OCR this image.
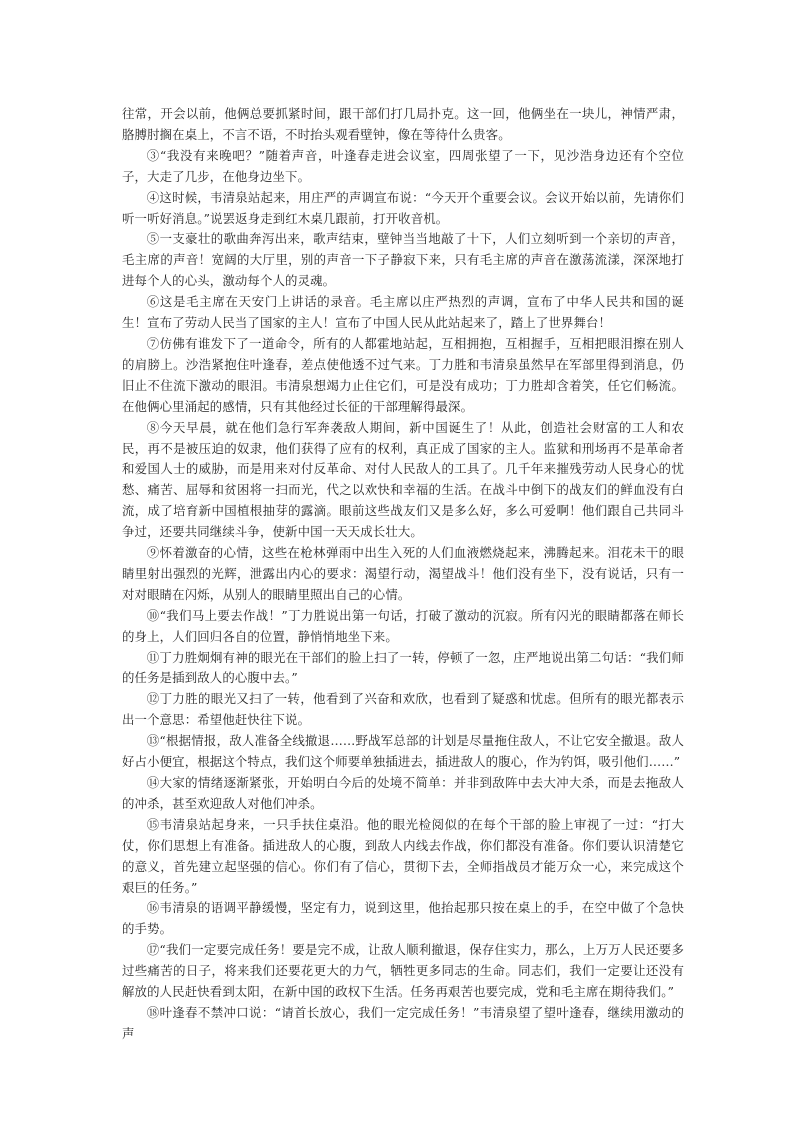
往常，开会以前，他俩总要抓紧时间，跟干部们打几局扑克。这一回，他俩坐在一块儿，神情严肃，胳膊肘搁在桌上，不言不语，不时抬头观看壁钟，像在等待什么贵客。

③“我没有来晚吧？”随着声音，叶逢春走进会议室，四周张望了一下，见沙浩身边还有个空位子，大走了几步，在他身边坐下。

④这时候，韦清泉站起来，用庄严的声调宣布说：“今天开个重要会议。会议开始以前，先请你们听一听好消息。”说罢返身走到红木桌几跟前，打开收音机。

⑤一支豪壮的歌曲奔泻出来，歌声结束，壁钟当当地敲了十下，人们立刻听到一个亲切的声音，毛主席的声音！宽阔的大厅里，别的声音一下子静寂下来，只有毛主席的声音在激荡流漾，深深地打进每个人的心头，激动每个人的灵魂。

⑥这是毛主席在天安门上讲话的录音。毛主席以庄严热烈的声调，宣布了中华人民共和国的诞生！宣布了劳动人民当了国家的主人！宣布了中国人民从此站起来了，踏上了世界舞台！

⑦仿佛有谁发下了一道命令，所有的人都霍地站起，互相拥抱，互相握手，互相把眼泪擦在别人的肩膀上。沙浩紧抱住叶逢春，差点使他透不过气来。丁力胜和韦清泉虽然早在军部里得到消息，仍旧止不住流下激动的眼泪。韦清泉想竭力止住它们，可是没有成功；丁力胜却含着笑，任它们畅流。在他俩心里涌起的感情，只有其他经过长征的干部理解得最深。

⑧今天早晨，就在他们急行军奔袭敌人期间，新中国诞生了！从此，创造社会财富的工人和农民，再不是被压迫的奴隶，他们获得了应有的权利，真正成了国家的主人。监狱和刑场再不是革命者和爱国人士的威胁，而是用来对付反革命、对付人民敌人的工具了。几千年来摧残劳动人民身心的忧愁、痛苦、屈辱和贫困将一扫而光，代之以欢快和幸福的生活。在战斗中倒下的战友们的鲜血没有白流，成了培育新中国植根抽芽的露滴。眼前这些战友们又是多么好，多么可爱啊！他们跟自己共同斗争过，还要共同继续斗争，使新中国一天天成长壮大。

⑨怀着激奋的心情，这些在枪林弹雨中出生入死的人们血液燃烧起来，沸腾起来。泪花未干的眼睛里射出强烈的光辉，泄露出内心的要求：渴望行动，渴望战斗！他们没有坐下，没有说话，只有一对对眼睛在闪烁，从别人的眼睛里照出自己的心情。

⑩“我们马上要去作战！”丁力胜说出第一句话，打破了激动的沉寂。所有闪光的眼睛都落在师长的身上，人们回归各自的位置，静悄悄地坐下来。

⑪丁力胜炯炯有神的眼光在干部们的脸上扫了一转，停顿了一忽，庄严地说出第二句话：“我们师的任务是插到敌人的心腹中去。”

⑫丁力胜的眼光又扫了一转，他看到了兴奋和欢欣，也看到了疑惑和忧虑。但所有的眼光都表示出一个意思：希望他赶快往下说。

⑬“根据情报，敌人准备全线撤退……野战军总部的计划是尽量拖住敌人，不让它安全撤退。敌人好占小便宜，根据这个特点，我们这个师要单独插进去，插进敌人的腹心，作为钓饵，吸引他们……”

⑭大家的情绪逐渐紧张，开始明白今后的处境不简单：并非到敌阵中去大冲大杀，而是去拖敌人的冲杀，甚至欢迎敌人对他们冲杀。

⑮韦清泉站起身来，一只手扶住桌沿。他的眼光检阅似的在每个干部的脸上审视了一过：“打大仗，你们思想上有准备。插进敌人的心腹，到敌人内线去作战，你们都没有准备。你们要认识清楚它的意义，首先建立起坚强的信心。你们有了信心，贯彻下去，全师指战员才能万众一心，来完成这个艰巨的任务。”

⑯韦清泉的语调平静缓慢，坚定有力，说到这里，他抬起那只按在桌上的手，在空中做了个急快的手势。

⑰“我们一定要完成任务！要是完不成，让敌人顺利撤退，保存住实力，那么，上万万人民还要多过些痛苦的日子，将来我们还要花更大的力气，牺牲更多同志的生命。同志们，我们一定要让还没有解放的人民赶快看到太阳，在新中国的政权下生活。任务再艰苦也要完成，党和毛主席在期待我们。”

⑱叶逢春不禁冲口说：“请首长放心，我们一定完成任务！”韦清泉望了望叶逢春，继续用激动的声
